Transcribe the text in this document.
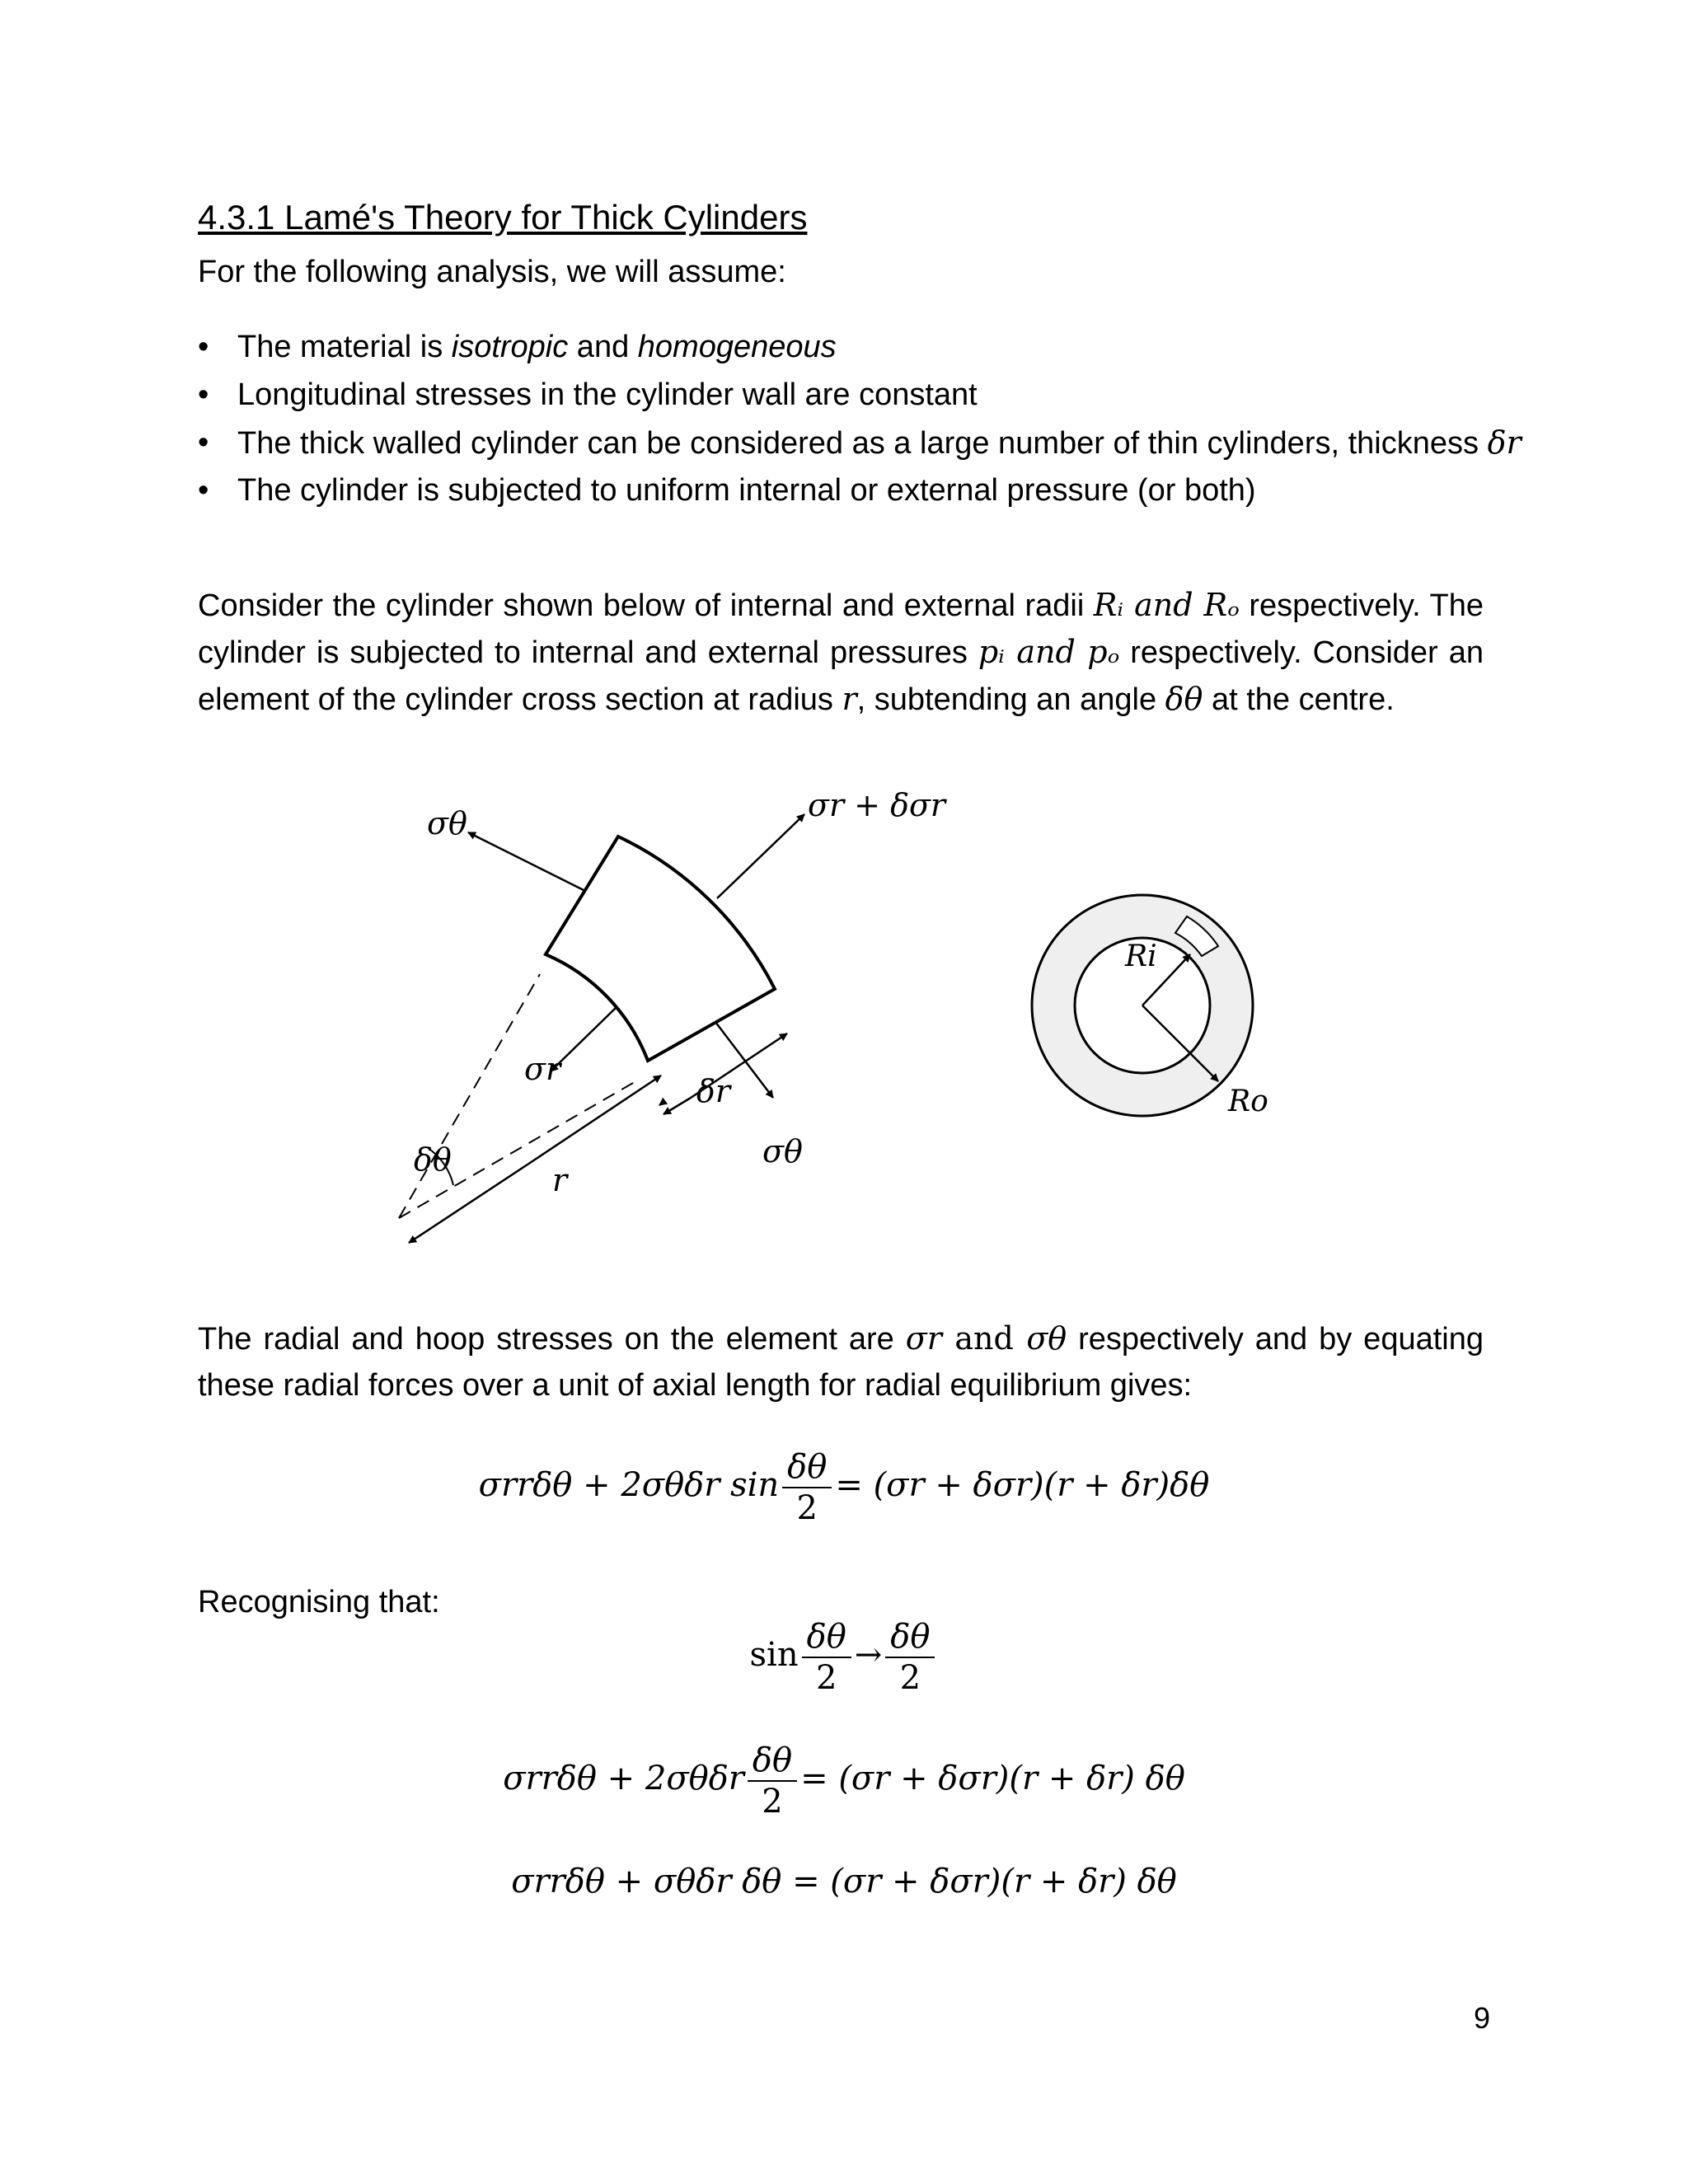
4.3.1 Lamé's Theory for Thick Cylinders
For the following analysis, we will assume:
• The material is isotropic and homogeneous
• Longitudinal stresses in the cylinder wall are constant
• The thick walled cylinder can be considered as a large number of thin cylinders, thickness δr
• The cylinder is subjected to uniform internal or external pressure (or both)
Consider the cylinder shown below of internal and external radii Rᵢ and Rₒ respectively. The cylinder is subjected to internal and external pressures pᵢ and pₒ respectively. Consider an element of the cylinder cross section at radius r, subtending an angle δθ at the centre.
σr + δσr
σθ
σr
δr
σθ
δθ
r
Ri
Ro
The radial and hoop stresses on the element are σr and σθ respectively and by equating these radial forces over a unit of axial length for radial equilibrium gives:
σrrδθ + 2σθδr $\sin \frac{\delta\theta}{2} = (\sigma r + \delta\sigma r)(r + \delta r)\delta\theta$
Recognising that:
$\sin \frac{\delta\theta}{2} \to \frac{\delta\theta}{2}$
$\sigma rr\delta\theta + 2\sigma\theta\delta r \frac{\delta\theta}{2} = (\sigma r + \delta\sigma r)(r + \delta r)$ δθ
σrrδθ + σθδr δθ = (σr + δσr)(r + δr) δθ
9
